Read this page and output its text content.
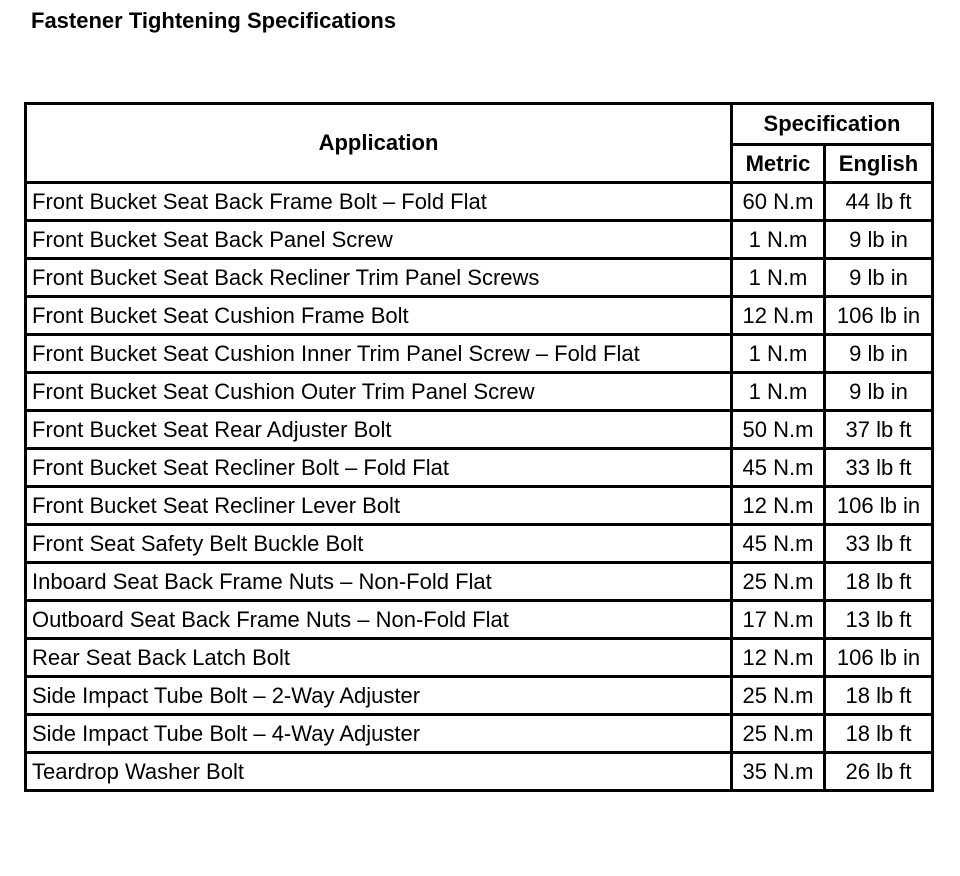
Fastener Tightening Specifications
Application	Specification	
	Metric	English
Front Bucket Seat Back Frame Bolt – Fold Flat	60 N.m	44 lb ft
Front Bucket Seat Back Panel Screw	1 N.m	9 lb in
Front Bucket Seat Back Recliner Trim Panel Screws	1 N.m	9 lb in
Front Bucket Seat Cushion Frame Bolt	12 N.m	106 lb in
Front Bucket Seat Cushion Inner Trim Panel Screw – Fold Flat	1 N.m	9 lb in
Front Bucket Seat Cushion Outer Trim Panel Screw	1 N.m	9 lb in
Front Bucket Seat Rear Adjuster Bolt	50 N.m	37 lb ft
Front Bucket Seat Recliner Bolt – Fold Flat	45 N.m	33 lb ft
Front Bucket Seat Recliner Lever Bolt	12 N.m	106 lb in
Front Seat Safety Belt Buckle Bolt	45 N.m	33 lb ft
Inboard Seat Back Frame Nuts – Non-Fold Flat	25 N.m	18 lb ft
Outboard Seat Back Frame Nuts – Non-Fold Flat	17 N.m	13 lb ft
Rear Seat Back Latch Bolt	12 N.m	106 lb in
Side Impact Tube Bolt – 2-Way Adjuster	25 N.m	18 lb ft
Side Impact Tube Bolt – 4-Way Adjuster	25 N.m	18 lb ft
Teardrop Washer Bolt	35 N.m	26 lb ft
